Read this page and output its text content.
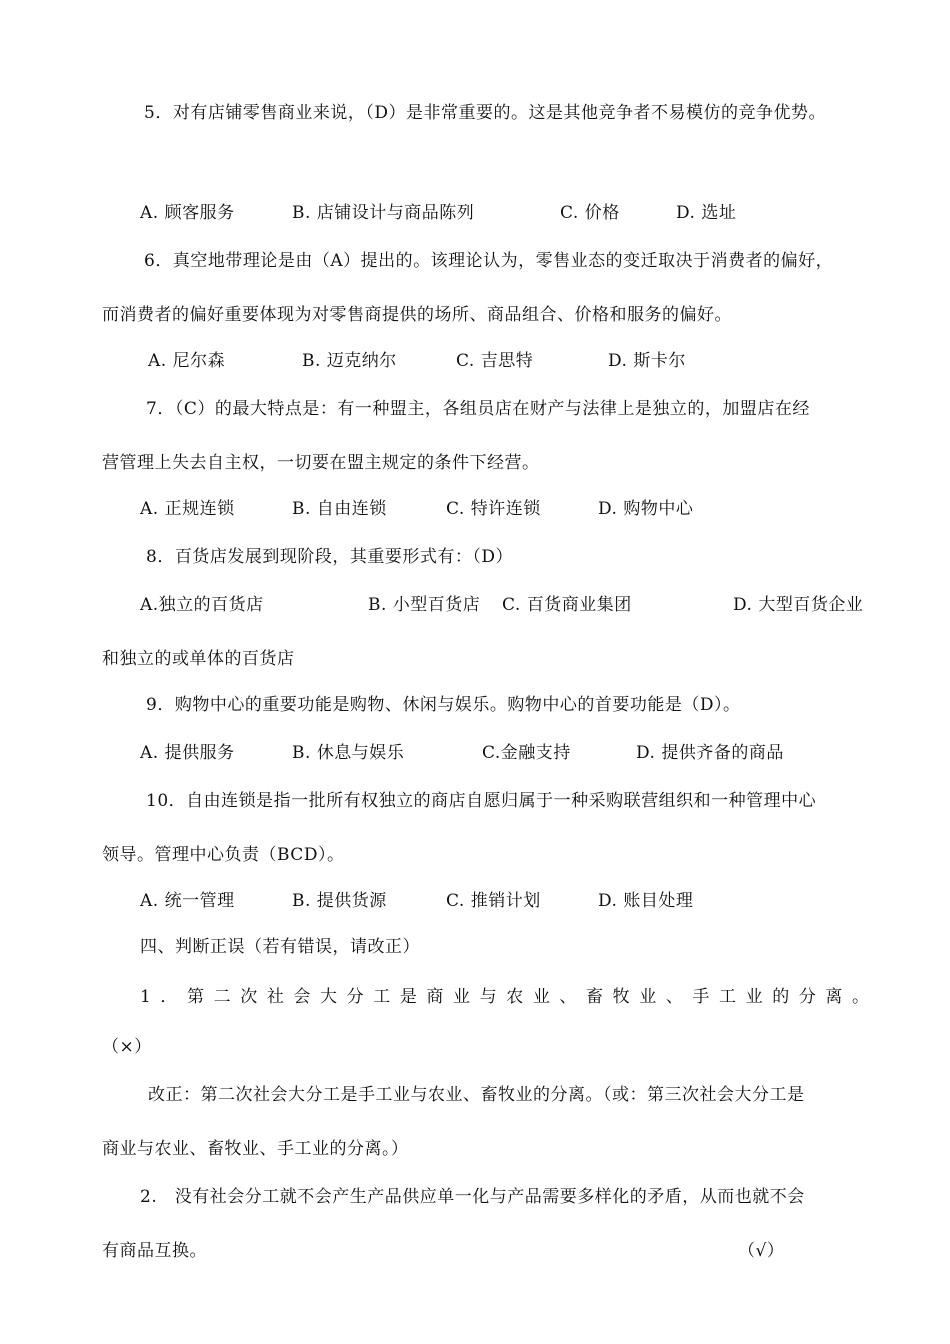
5．对有店铺零售商业来说，（D）是非常重要的。这是其他竞争者不易模仿的竞争优势。
A. 顾客服务	B. 店铺设计与商品陈列	C. 价格	D. 选址
6．真空地带理论是由（A）提出的。该理论认为，零售业态的变迁取决于消费者的偏好，
而消费者的偏好重要体现为对零售商提供的场所、商品组合、价格和服务的偏好。
A. 尼尔森	B. 迈克纳尔	C. 吉思特	D. 斯卡尔
7．（C）的最大特点是：有一种盟主，各组员店在财产与法律上是独立的，加盟店在经
营管理上失去自主权，一切要在盟主规定的条件下经营。
A. 正规连锁	B. 自由连锁	C. 特许连锁	D. 购物中心
8．百货店发展到现阶段，其重要形式有：（D）
A.独立的百货店	B. 小型百货店 C. 百货商业集团	D. 大型百货企业
和独立的或单体的百货店
9．购物中心的重要功能是购物、休闲与娱乐。购物中心的首要功能是（D）。
A. 提供服务	B. 休息与娱乐	C.金融支持	D. 提供齐备的商品
10．自由连锁是指一批所有权独立的商店自愿归属于一种采购联营组织和一种管理中心
领导。管理中心负责（BCD）。
A. 统一管理	B. 提供货源	C. 推销计划	D. 账目处理
四、判断正误（若有错误，请改正）
1．第二次社会大分工是商业与农业、畜牧业、手工业的分离。
（×）
改正：第二次社会大分工是手工业与农业、畜牧业的分离。（或：第三次社会大分工是
商业与农业、畜牧业、手工业的分离。）
2.　没有社会分工就不会产生产品供应单一化与产品需要多样化的矛盾，从而也就不会
有商品互换。	（√）
